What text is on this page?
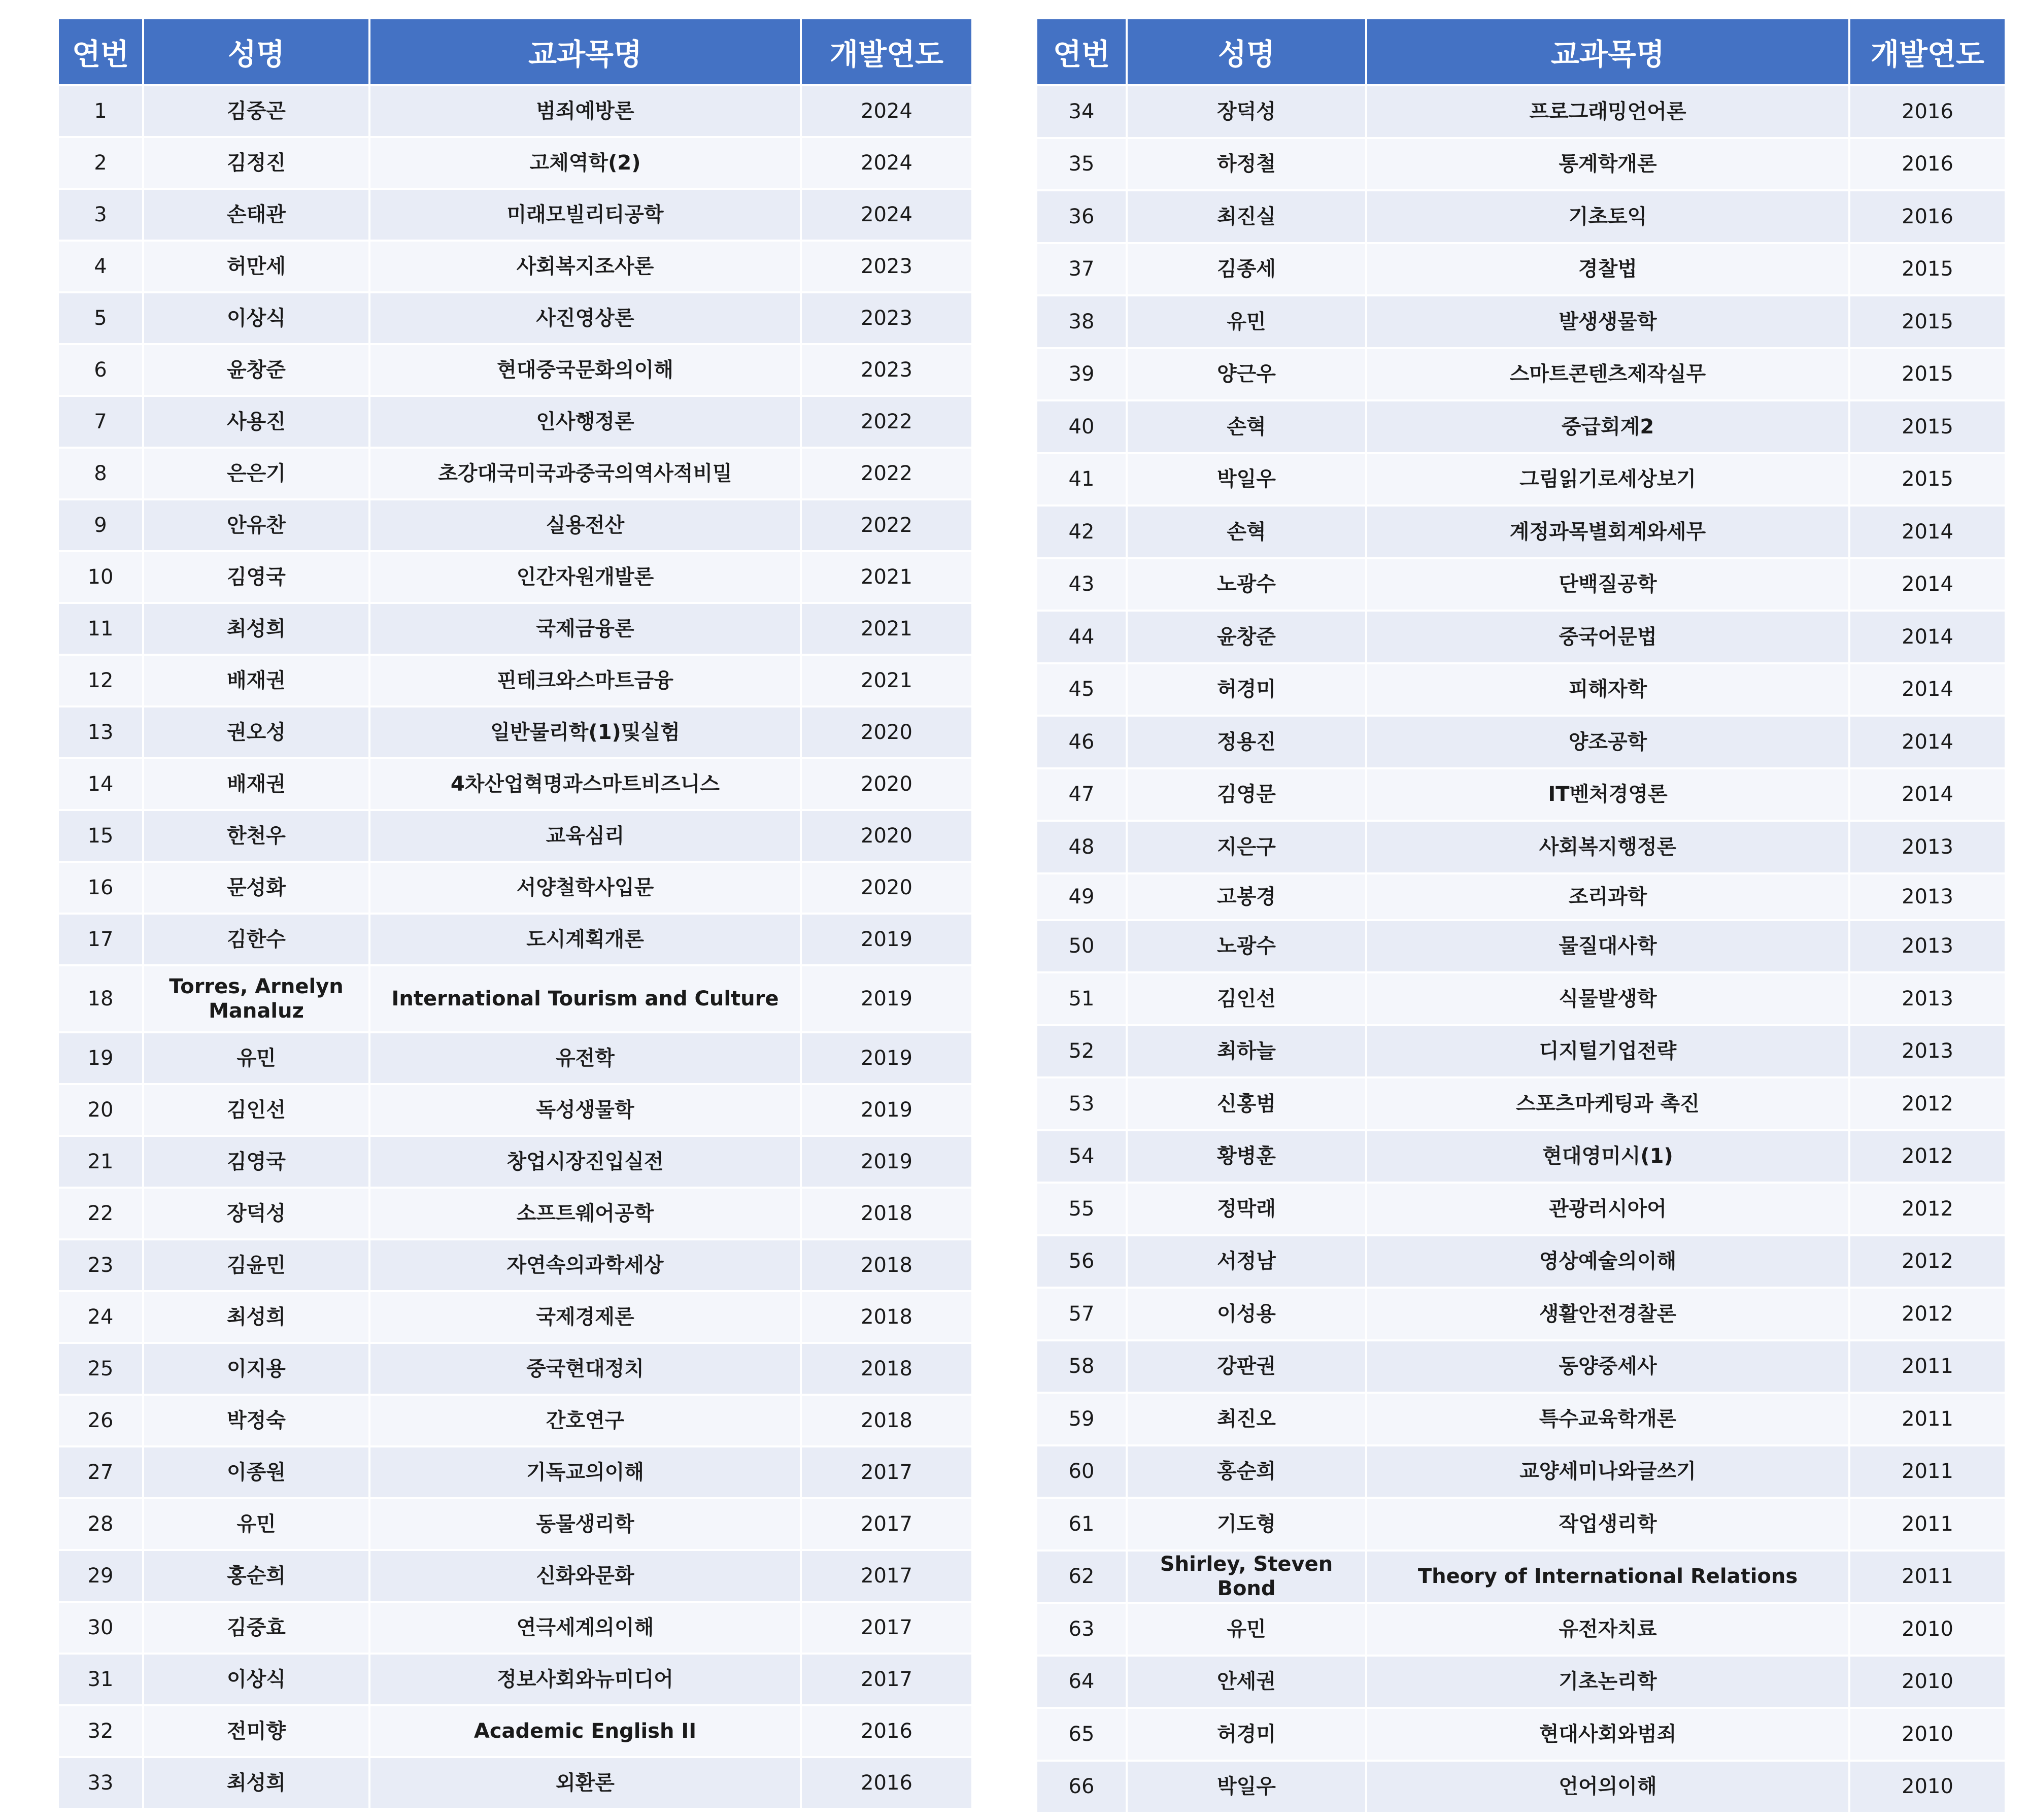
연번	성명	교과목명	개발연도
1	김중곤	범죄예방론	2024
2	김정진	고체역학(2)	2024
3	손태관	미래모빌리티공학	2024
4	허만세	사회복지조사론	2023
5	이상식	사진영상론	2023
6	윤창준	현대중국문화의이해	2023
7	사용진	인사행정론	2022
8	은은기	초강대국미국과중국의역사적비밀	2022
9	안유찬	실용전산	2022
10	김영국	인간자원개발론	2021
11	최성희	국제금융론	2021
12	배재권	핀테크와스마트금융	2021
13	권오성	일반물리학(1)및실험	2020
14	배재권	4차산업혁명과스마트비즈니스	2020
15	한천우	교육심리	2020
16	문성화	서양철학사입문	2020
17	김한수	도시계획개론	2019
18	Torres, Arnelyn Manaluz	International Tourism and Culture	2019
19	유민	유전학	2019
20	김인선	독성생물학	2019
21	김영국	창업시장진입실전	2019
22	장덕성	소프트웨어공학	2018
23	김윤민	자연속의과학세상	2018
24	최성희	국제경제론	2018
25	이지용	중국현대정치	2018
26	박정숙	간호연구	2018
27	이종원	기독교의이해	2017
28	유민	동물생리학	2017
29	홍순희	신화와문화	2017
30	김중효	연극세계의이해	2017
31	이상식	정보사회와뉴미디어	2017
32	전미향	Academic English II	2016
33	최성희	외환론	2016
연번	성명	교과목명	개발연도
34	장덕성	프로그래밍언어론	2016
35	하정철	통계학개론	2016
36	최진실	기초토익	2016
37	김종세	경찰법	2015
38	유민	발생생물학	2015
39	양근우	스마트콘텐츠제작실무	2015
40	손혁	중급회계2	2015
41	박일우	그림읽기로세상보기	2015
42	손혁	계정과목별회계와세무	2014
43	노광수	단백질공학	2014
44	윤창준	중국어문법	2014
45	허경미	피해자학	2014
46	정용진	양조공학	2014
47	김영문	IT벤처경영론	2014
48	지은구	사회복지행정론	2013
49	고봉경	조리과학	2013
50	노광수	물질대사학	2013
51	김인선	식물발생학	2013
52	최하늘	디지털기업전략	2013
53	신홍범	스포츠마케팅과 촉진	2012
54	황병훈	현대영미시(1)	2012
55	정막래	관광러시아어	2012
56	서정남	영상예술의이해	2012
57	이성용	생활안전경찰론	2012
58	강판권	동양중세사	2011
59	최진오	특수교육학개론	2011
60	홍순희	교양세미나와글쓰기	2011
61	기도형	작업생리학	2011
62	Shirley, Steven Bond	Theory of International Relations	2011
63	유민	유전자치료	2010
64	안세권	기초논리학	2010
65	허경미	현대사회와범죄	2010
66	박일우	언어의이해	2010
